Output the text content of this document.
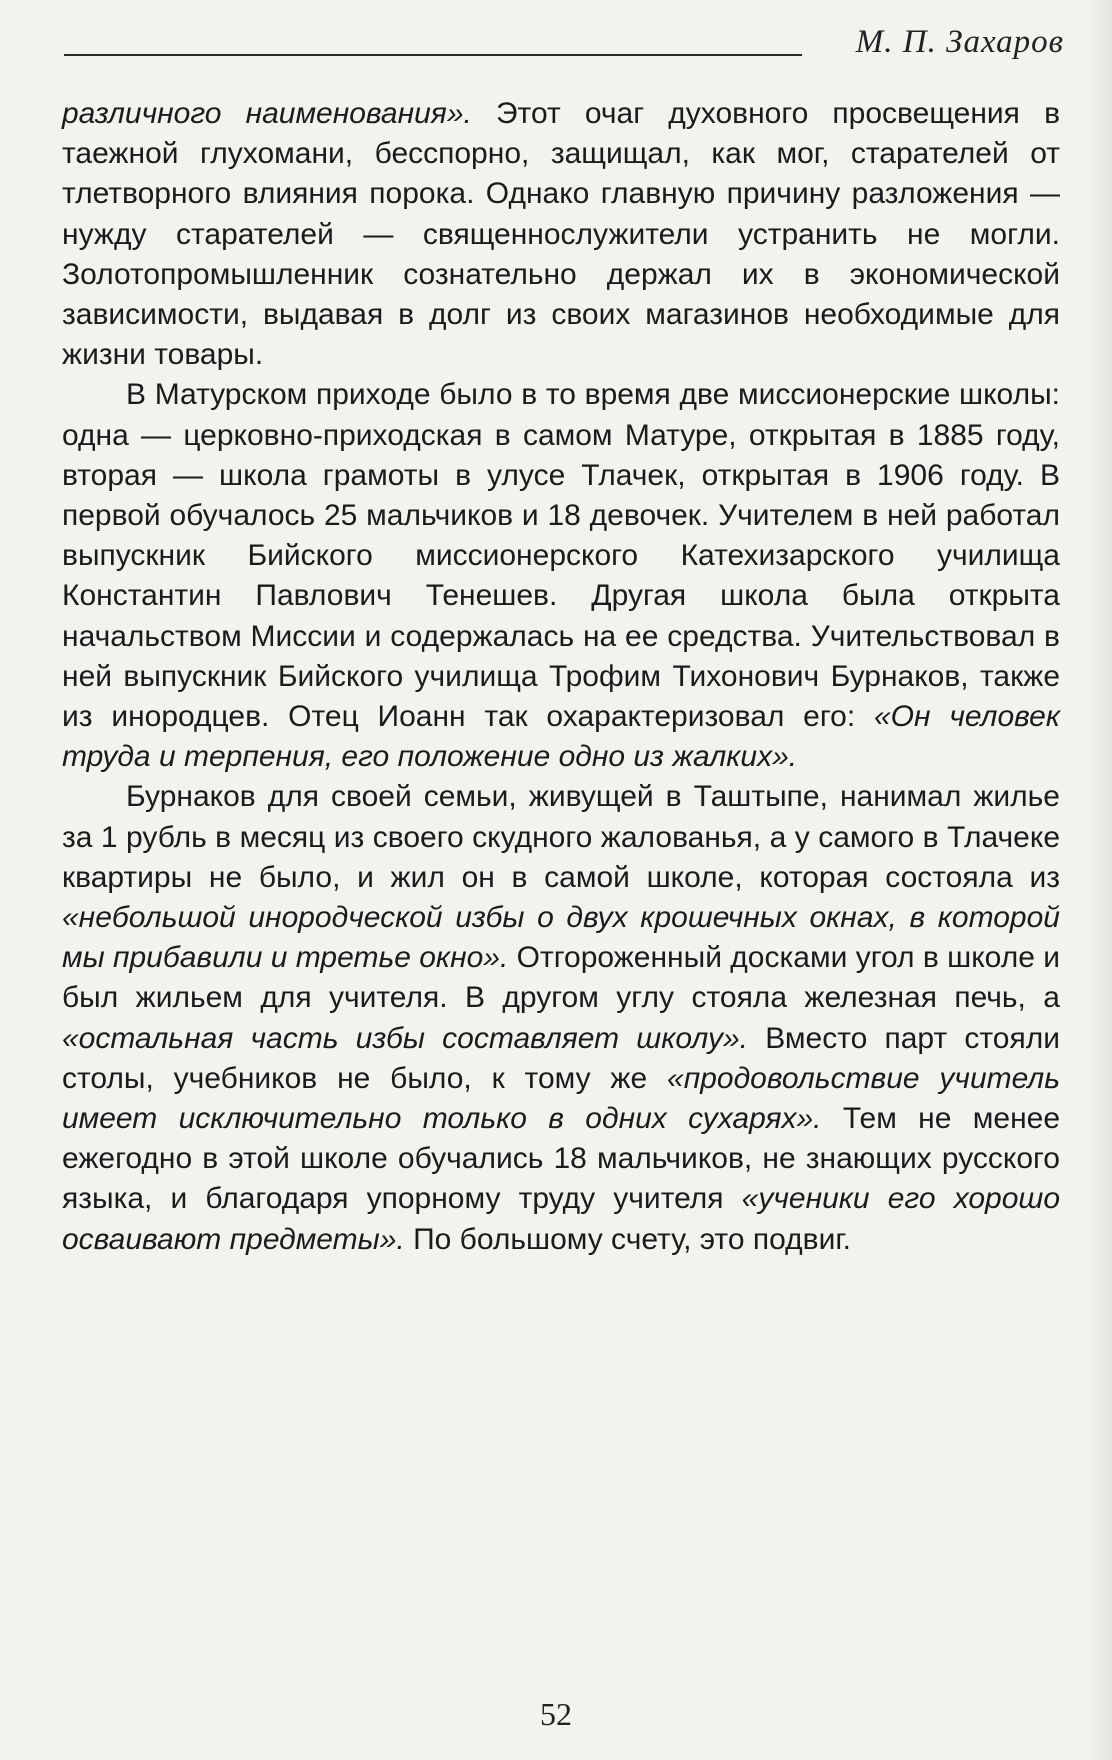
М. П. Захаров

различного наименования». Этот очаг духовного просвещения в таежной глухомани, бесспорно, защищал, как мог, старателей от тлетворного влияния порока. Однако главную причину разложения — нужду старателей — священнослужители устранить не могли. Золотопромышленник сознательно держал их в экономической зависимости, выдавая в долг из своих магазинов необходимые для жизни товары.

В Матурском приходе было в то время две миссионерские школы: одна — церковно-приходская в самом Матуре, открытая в 1885 году, вторая — школа грамоты в улусе Тлачек, открытая в 1906 году. В первой обучалось 25 мальчиков и 18 девочек. Учителем в ней работал выпускник Бийского миссионерского Катехизарского училища Константин Павлович Тенешев. Другая школа была открыта начальством Миссии и содержалась на ее средства. Учительствовал в ней выпускник Бийского училища Трофим Тихонович Бурнаков, также из инородцев. Отец Иоанн так охарактеризовал его: «Он человек труда и терпения, его положение одно из жалких».

Бурнаков для своей семьи, живущей в Таштыпе, нанимал жилье за 1 рубль в месяц из своего скудного жалованья, а у самого в Тлачеке квартиры не было, и жил он в самой школе, которая состояла из «небольшой инородческой избы о двух крошечных окнах, в которой мы прибавили и третье окно». Отгороженный досками угол в школе и был жильем для учителя. В другом углу стояла железная печь, а «остальная часть избы составляет школу». Вместо парт стояли столы, учебников не было, к тому же «продовольствие учитель имеет исключительно только в одних сухарях». Тем не менее ежегодно в этой школе обучались 18 мальчиков, не знающих русского языка, и благодаря упорному труду учителя «ученики его хорошо осваивают предметы». По большому счету, это подвиг.

52
